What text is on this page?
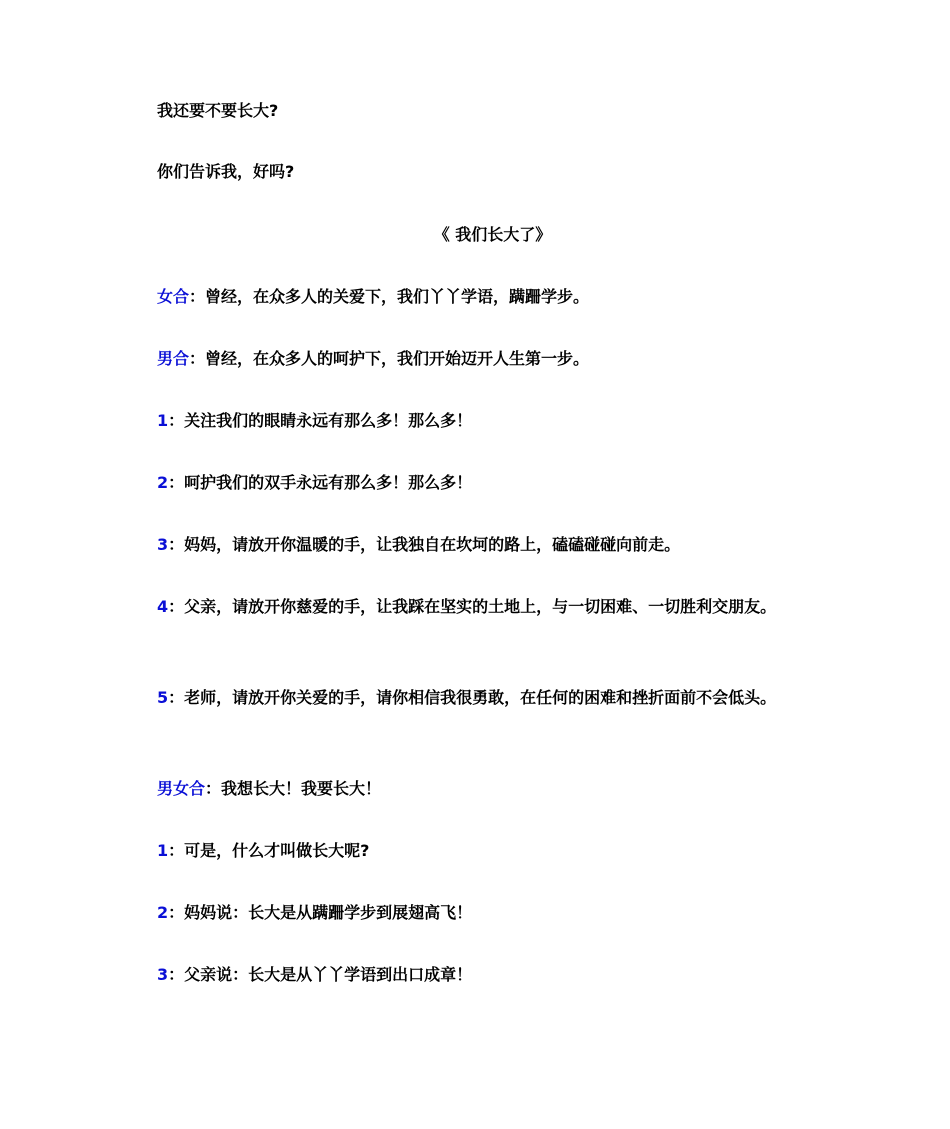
我还要不要长大?
你们告诉我，好吗?
《 我们长大了》
女合：曾经，在众多人的关爱下，我们丫丫学语，蹒跚学步。
男合：曾经，在众多人的呵护下，我们开始迈开人生第一步。
1：关注我们的眼睛永远有那么多！那么多！
2：呵护我们的双手永远有那么多！那么多！
3：妈妈，请放开你温暖的手，让我独自在坎坷的路上，磕磕碰碰向前走。
4：父亲，请放开你慈爱的手，让我踩在坚实的土地上，与一切困难、一切胜利交朋友。
5：老师，请放开你关爱的手，请你相信我很勇敢，在任何的困难和挫折面前不会低头。
男女合：我想长大！我要长大！
1：可是，什么才叫做长大呢?
2：妈妈说：长大是从蹒跚学步到展翅高飞！
3：父亲说：长大是从丫丫学语到出口成章！
